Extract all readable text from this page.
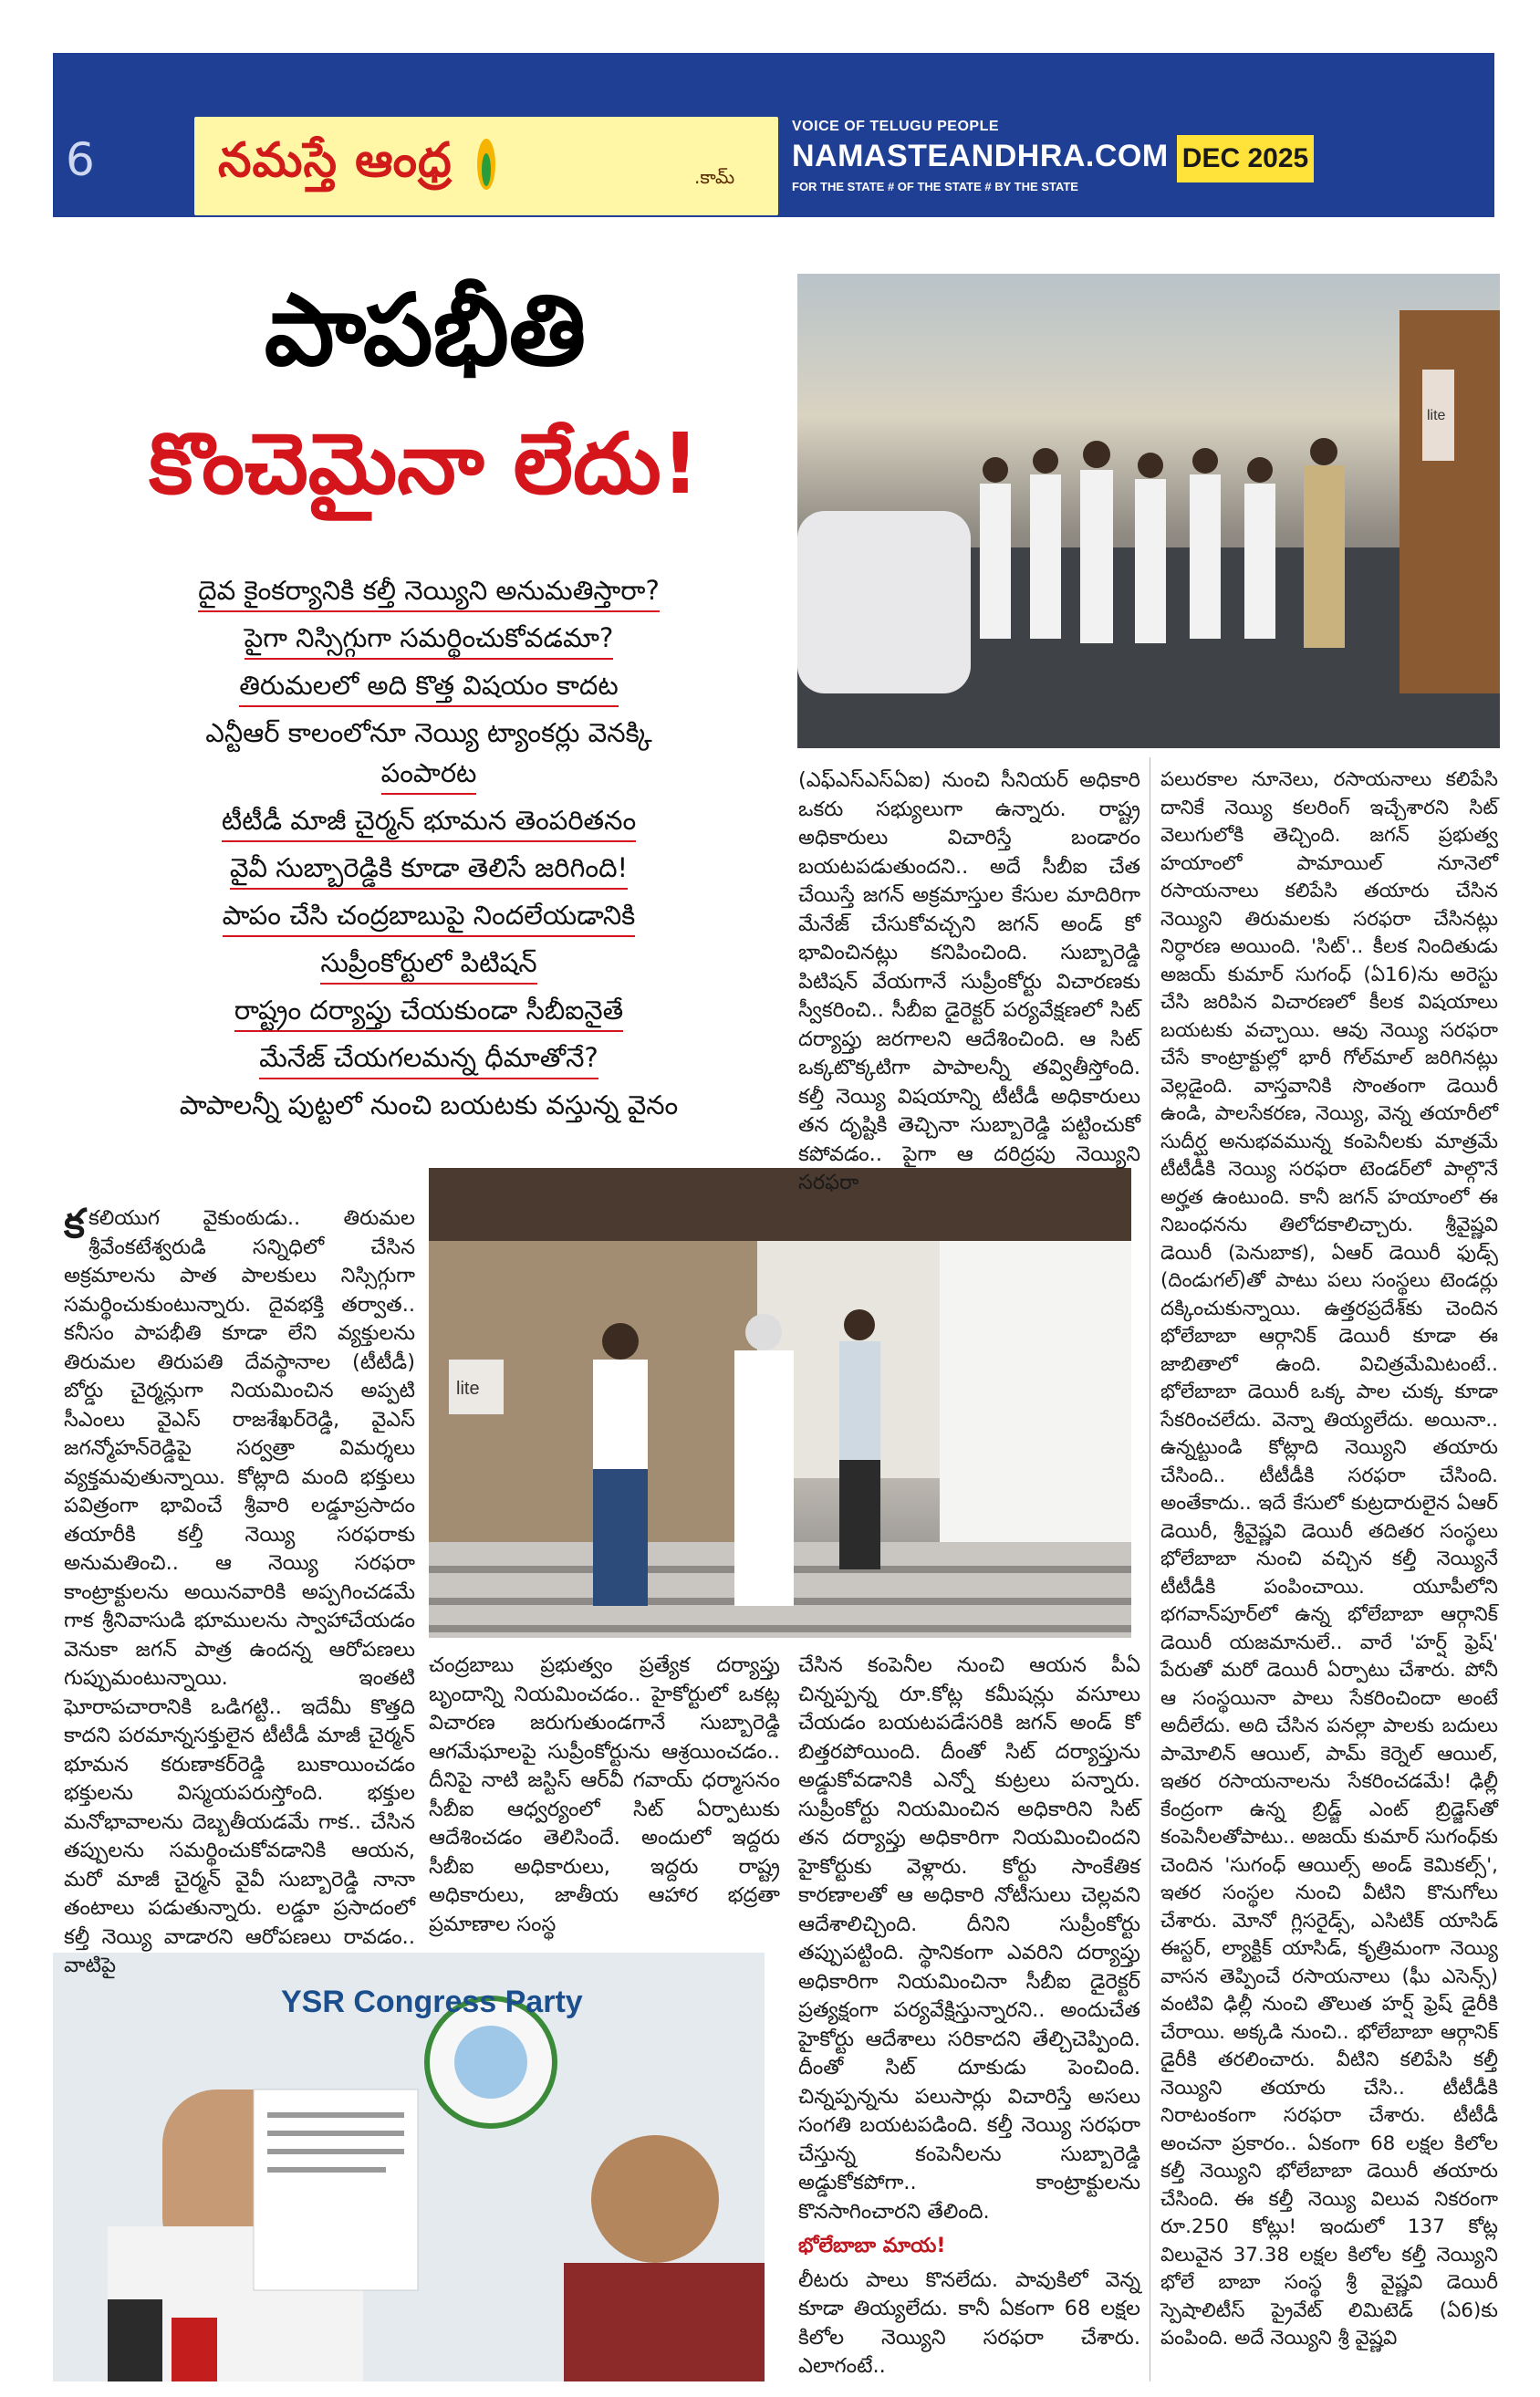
6	నమస్తే ఆంధ్ర	.కామ్
VOICE OF TELUGU PEOPLE
NAMASTEANDHRA.COM
FOR THE STATE # OF THE STATE # BY THE STATE
DEC 2025
పాపభీతి
కొంచెమైనా లేదు!
దైవ కైంకర్యానికి కల్తీ నెయ్యిని అనుమతిస్తారా?
పైగా నిస్సిగ్గుగా సమర్థించుకోవడమా?
తిరుమలలో అది కొత్త విషయం కాదట
ఎన్టీఆర్ కాలంలోనూ నెయ్యి ట్యాంకర్లు వెనక్కి
పంపారట
టీటీడీ మాజీ చైర్మన్ భూమన తెంపరితనం
వైవీ సుబ్బారెడ్డికి కూడా తెలిసే జరిగింది!
పాపం చేసి చంద్రబాబుపై నిందలేయడానికి
సుప్రీంకోర్టులో పిటిషన్
రాష్ట్రం దర్యాప్తు చేయకుండా సీబీఐనైతే
మేనేజ్ చేయగలమన్న ధీమాతోనే?
పాపాలన్నీ పుట్టలో నుంచి బయటకు వస్తున్న వైనం
lite
lite
YSR Congress Party

కకలియుగ వైకుంఠుడు.. తిరుమల శ్రీవేంకటేశ్వరుడి సన్నిధిలో చేసిన అక్రమాలను పాత పాలకులు నిస్సిగ్గుగా సమర్థించుకుంటున్నారు. దైవభక్తి తర్వాత.. కనీసం పాపభీతి కూడా లేని వ్యక్తులను తిరుమల తిరుపతి దేవస్థానాల (టీటీడీ) బోర్డు చైర్మన్లుగా నియమించిన అప్పటి సీఎంలు వైఎస్ రాజశేఖర్‌రెడ్డి, వైఎస్ జగన్మోహన్‌రెడ్డిపై సర్వత్రా విమర్శలు వ్యక్తమవుతున్నాయి. కోట్లాది మంది భక్తులు పవిత్రంగా భావించే శ్రీవారి లడ్డూప్రసాదం తయారీకి కల్తీ నెయ్యి సరఫరాకు అనుమతించి.. ఆ నెయ్యి సరఫరా కాంట్రాక్టులను అయినవారికి అప్పగించడమే గాక శ్రీనివాసుడి భూములను స్వాహాచేయడం వెనుకా జగన్ పాత్ర ఉందన్న ఆరోపణలు గుప్పుమంటున్నాయి. ఇంతటి ఘోరాపచారానికి ఒడిగట్టి.. ఇదేమీ కొత్తది కాదని పరమాన్నసక్తులైన టీటీడీ మాజీ చైర్మన్ భూమన కరుణాకర్‌రెడ్డి బుకాయించడం భక్తులను విస్మయపరుస్తోంది. భక్తుల మనోభావాలను దెబ్బతీయడమే గాక.. చేసిన తప్పులను సమర్థించుకోవడానికి ఆయన, మరో మాజీ చైర్మన్ వైవీ సుబ్బారెడ్డి నానా తంటాలు పడుతున్నారు. లడ్డూ ప్రసాదంలో కల్తీ నెయ్యి వాడారని ఆరోపణలు రావడం.. వాటిపై

చంద్రబాబు ప్రభుత్వం ప్రత్యేక దర్యాప్తు బృందాన్ని నియమించడం.. హైకోర్టులో ఒకట్ల విచారణ జరుగుతుండగానే సుబ్బారెడ్డి ఆగమేఘాలపై సుప్రీంకోర్టును ఆశ్రయించడం.. దీనిపై నాటి జస్టిస్ ఆర్‌వీ గవాయ్ ధర్మాసనం సీబీఐ ఆధ్వర్యంలో సిట్ ఏర్పాటుకు ఆదేశించడం తెలిసిందే. అందులో ఇద్దరు సీబీఐ అధికారులు, ఇద్దరు రాష్ట్ర అధికారులు, జాతీయ ఆహార భద్రతా ప్రమాణాల సంస్థ

(ఎఫ్‌ఎస్‌ఎస్‌ఏఐ) నుంచి సీనియర్ అధికారి ఒకరు సభ్యులుగా ఉన్నారు. రాష్ట్ర అధికారులు విచారిస్తే బండారం బయటపడుతుందని.. అదే సీబీఐ చేత చేయిస్తే జగన్ అక్రమాస్తుల కేసుల మాదిరిగా మేనేజ్ చేసుకోవచ్చని జగన్ అండ్ కో భావించినట్లు కనిపించింది. సుబ్బారెడ్డి పిటిషన్ వేయగానే సుప్రీంకోర్టు విచారణకు స్వీకరించి.. సీబీఐ డైరెక్టర్ పర్యవేక్షణలో సిట్ దర్యాప్తు జరగాలని ఆదేశించింది. ఆ సిట్ ఒక్కటొక్కటిగా పాపాలన్నీ తవ్వితీస్తోంది. కల్తీ నెయ్యి విషయాన్ని టీటీడీ అధికారులు తన దృష్టికి తెచ్చినా సుబ్బారెడ్డి పట్టించుకో కపోవడం.. పైగా ఆ దరిద్రపు నెయ్యిని సరఫరా

చేసిన కంపెనీల నుంచి ఆయన పీఏ చిన్నప్పన్న రూ.కోట్ల కమీషన్లు వసూలు చేయడం బయటపడేసరికి జగన్ అండ్ కో బిత్తరపోయింది. దీంతో సిట్ దర్యాప్తును అడ్డుకోవడానికి ఎన్నో కుట్రలు పన్నారు. సుప్రీంకోర్టు నియమించిన అధికారిని సిట్ తన దర్యాప్తు అధికారిగా నియమించిందని హైకోర్టుకు వెళ్లారు. కోర్టు సాంకేతిక కారణాలతో ఆ అధికారి నోటీసులు చెల్లవని ఆదేశాలిచ్చింది. దీనిని సుప్రీంకోర్టు తప్పుపట్టింది. స్థానికంగా ఎవరిని దర్యాప్తు అధికారిగా నియమించినా సీబీఐ డైరెక్టర్ ప్రత్యక్షంగా పర్యవేక్షిస్తున్నారని.. అందుచేత హైకోర్టు ఆదేశాలు సరికాదని తేల్చిచెప్పింది. దీంతో సిట్ దూకుడు పెంచింది. చిన్నప్పన్నను పలుసార్లు విచారిస్తే అసలు సంగతి బయటపడింది. కల్తీ నెయ్యి సరఫరా చేస్తున్న కంపెనీలను సుబ్బారెడ్డి అడ్డుకోకపోగా.. కాంట్రాక్టులను కొనసాగించారని తేలింది.

భోలేబాబా మాయ!

లీటరు పాలు కొనలేదు. పావుకిలో వెన్న కూడా తియ్యలేదు. కానీ ఏకంగా 68 లక్షల కిలోల నెయ్యిని సరఫరా చేశారు. ఎలాగంటే..

పలురకాల నూనెలు, రసాయనాలు కలిపేసి దానికే నెయ్యి కలరింగ్ ఇచ్చేశారని సిట్ వెలుగులోకి తెచ్చింది. జగన్ ప్రభుత్వ హయాంలో పామాయిల్ నూనెలో రసాయనాలు కలిపేసి తయారు చేసిన నెయ్యిని తిరుమలకు సరఫరా చేసినట్లు నిర్ధారణ అయింది. 'సిట్'.. కీలక నిందితుడు అజయ్ కుమార్ సుగంధ్ (ఏ16)ను అరెస్టు చేసి జరిపిన విచారణలో కీలక విషయాలు బయటకు వచ్చాయి. ఆవు నెయ్యి సరఫరా చేసే కాంట్రాక్టుల్లో భారీ గోల్‌మాల్ జరిగినట్లు వెల్లడైంది. వాస్తవానికి సొంతంగా డెయిరీ ఉండి, పాలసేకరణ, నెయ్యి, వెన్న తయారీలో సుదీర్ఘ అనుభవమున్న కంపెనీలకు మాత్రమే టీటీడీకి నెయ్యి సరఫరా టెండర్‌లో పాల్గొనే అర్హత ఉంటుంది. కానీ జగన్ హయాంలో ఈ నిబంధనను తిలోదకాలిచ్చారు. శ్రీవైష్ణవి డెయిరీ (పెనుబాక), ఏఆర్ డెయిరీ ఫుడ్స్ (దిండుగల్)తో పాటు పలు సంస్థలు టెండర్లు దక్కించుకున్నాయి. ఉత్తరప్రదేశ్‌కు చెందిన భోలేబాబా ఆర్గానిక్ డెయిరీ కూడా ఈ జాబితాలో ఉంది. విచిత్రమేమిటంటే.. భోలేబాబా డెయిరీ ఒక్క పాల చుక్క కూడా సేకరించలేదు. వెన్నా తియ్యలేదు. అయినా.. ఉన్నట్టుండి కోట్లాది నెయ్యిని తయారు చేసింది.. టీటీడీకి సరఫరా చేసింది. అంతేకాదు.. ఇదే కేసులో కుట్రదారులైన ఏఆర్ డెయిరీ, శ్రీవైష్ణవి డెయిరీ తదితర సంస్థలు భోలేబాబా నుంచి వచ్చిన కల్తీ నెయ్యినే టీటీడీకి పంపించాయి. యూపీలోని భగవాన్‌పూర్‌లో ఉన్న భోలేబాబా ఆర్గానిక్ డెయిరీ యజమానులే.. వారే 'హర్ష్ ఫ్రెష్' పేరుతో మరో డెయిరీ ఏర్పాటు చేశారు. పోనీ ఆ సంస్థయినా పాలు సేకరించిందా అంటే అదీలేదు. అది చేసిన పనల్లా పాలకు బదులు పామోలిన్ ఆయిల్, పామ్ కెర్నెల్ ఆయిల్, ఇతర రసాయనాలను సేకరించడమే! ఢిల్లీ కేంద్రంగా ఉన్న బ్రిడ్జ్ ఎంట్ బ్రిడ్జెస్‌తో కంపెనీలతోపాటు.. అజయ్ కుమార్ సుగంధ్‌కు చెందిన 'సుగంధ్ ఆయిల్స్ అండ్ కెమికల్స్', ఇతర సంస్థల నుంచి వీటిని కొనుగోలు చేశారు. మోనో గ్లిసరైడ్స్, ఎసిటిక్ యాసిడ్ ఈస్టర్, ల్యాక్టిక్ యాసిడ్, కృత్రిమంగా నెయ్యి వాసన తెప్పించే రసాయనాలు (ఘీ ఎసెన్స్) వంటివి ఢిల్లీ నుంచి తొలుత హర్ష్ ఫ్రెష్ డైరీకి చేరాయి. అక్కడి నుంచి.. భోలేబాబా ఆర్గానిక్ డైరీకి తరలించారు. వీటిని కలిపేసి కల్తీ నెయ్యిని తయారు చేసి.. టీటీడీకి నిరాటంకంగా సరఫరా చేశారు. టీటీడీ అంచనా ప్రకారం.. ఏకంగా 68 లక్షల కిలోల కల్తీ నెయ్యిని భోలేబాబా డెయిరీ తయారు చేసింది. ఈ కల్తీ నెయ్యి విలువ నికరంగా రూ.250 కోట్లు! ఇందులో 137 కోట్ల విలువైన 37.38 లక్షల కిలోల కల్తీ నెయ్యిని భోలే బాబా సంస్థ శ్రీ వైష్ణవి డెయిరీ స్పెషాలిటీస్ ప్రైవేట్ లిమిటెడ్ (ఏ6)కు పంపింది. అదే నెయ్యిని శ్రీ వైష్ణవి
